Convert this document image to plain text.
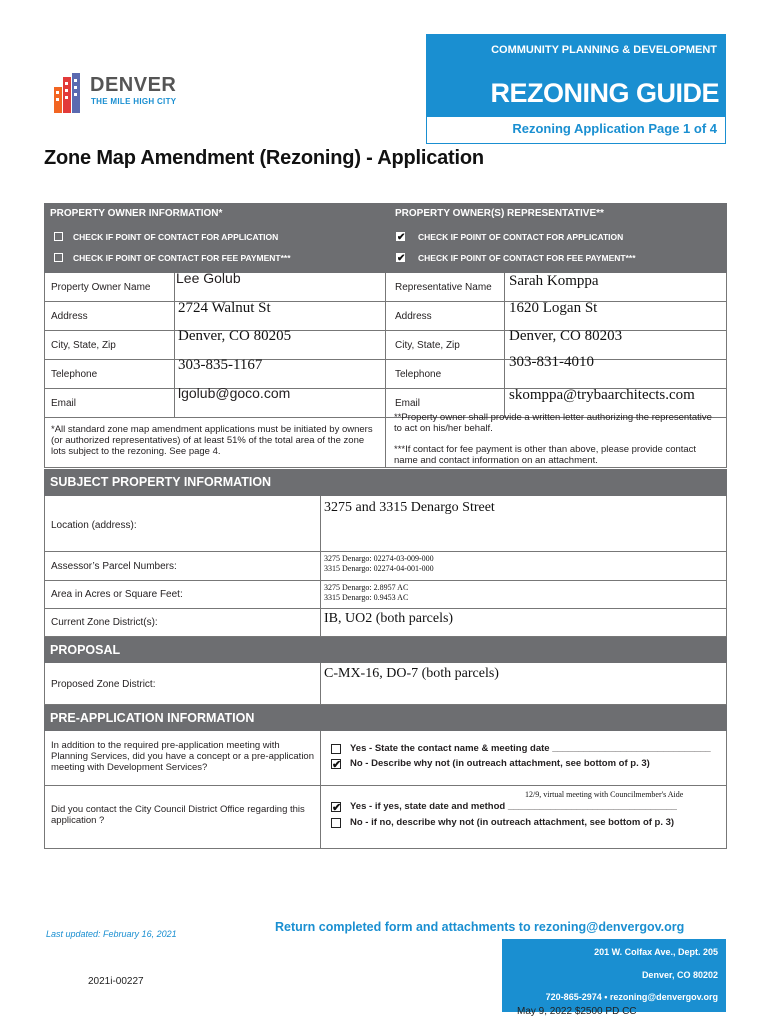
COMMUNITY PLANNING & DEVELOPMENT
REZONING GUIDE
Rezoning Application Page 1 of 4
DENVER
THE MILE HIGH CITY
Zone Map Amendment (Rezoning) - Application
PROPERTY OWNER INFORMATION*
CHECK IF POINT OF CONTACT FOR APPLICATION
CHECK IF POINT OF CONTACT FOR FEE PAYMENT***
PROPERTY OWNER(S) REPRESENTATIVE**
✔ CHECK IF POINT OF CONTACT FOR APPLICATION
✔ CHECK IF POINT OF CONTACT FOR FEE PAYMENT***
Property Owner Name
Lee Golub
Address
2724 Walnut St
City, State, Zip
Denver, CO 80205
Telephone
303-835-1167
Email
lgolub@goco.com
Representative Name Sarah Komppa
Address
1620 Logan St
City, State, Zip
Denver, CO 80203
Telephone
303-831-4010
Email
skomppa@trybaarchitects.com
*All standard zone map amendment applications must be initiated by owners (or authorized representatives) of at least 51% of the total area of the zone lots subject to the rezoning. See page 4.
**Property owner shall provide a written letter authorizing the representative to act on his/her behalf.
***If contact for fee payment is other than above, please provide contact name and contact information on an attachment.
SUBJECT PROPERTY INFORMATION
Location (address):
3275 and 3315 Denargo Street
Assessor’s Parcel Numbers:
3275 Denargo: 02274-03-009-000
3315 Denargo: 02274-04-001-000
Area in Acres or Square Feet:
3275 Denargo: 2.8957 AC
3315 Denargo: 0.9453 AC
Current Zone District(s):	IB, UO2 (both parcels)
PROPOSAL
Proposed Zone District:
C-MX-16, DO-7 (both parcels)
PRE-APPLICATION INFORMATION
In addition to the required pre-application meeting with Planning Services, did you have a concept or a pre-application meeting with Development Services?
Yes - State the contact name & meeting date ______________________________
✔ No - Describe why not (in outreach attachment, see bottom of p. 3)
Did you contact the City Council District Office regarding this application ?
12/9, virtual meeting with Councilmember's Aide
✔ Yes - if yes, state date and method ________________________________
No - if no, describe why not (in outreach attachment, see bottom of p. 3)
Last updated: February 16, 2021	Return completed form and attachments to rezoning@denvergov.org
201 W. Colfax Ave., Dept. 205
Denver, CO 80202
720-865-2974 • rezoning@denvergov.org
2021i-00227
May 9, 2022 $2500 PD CC
